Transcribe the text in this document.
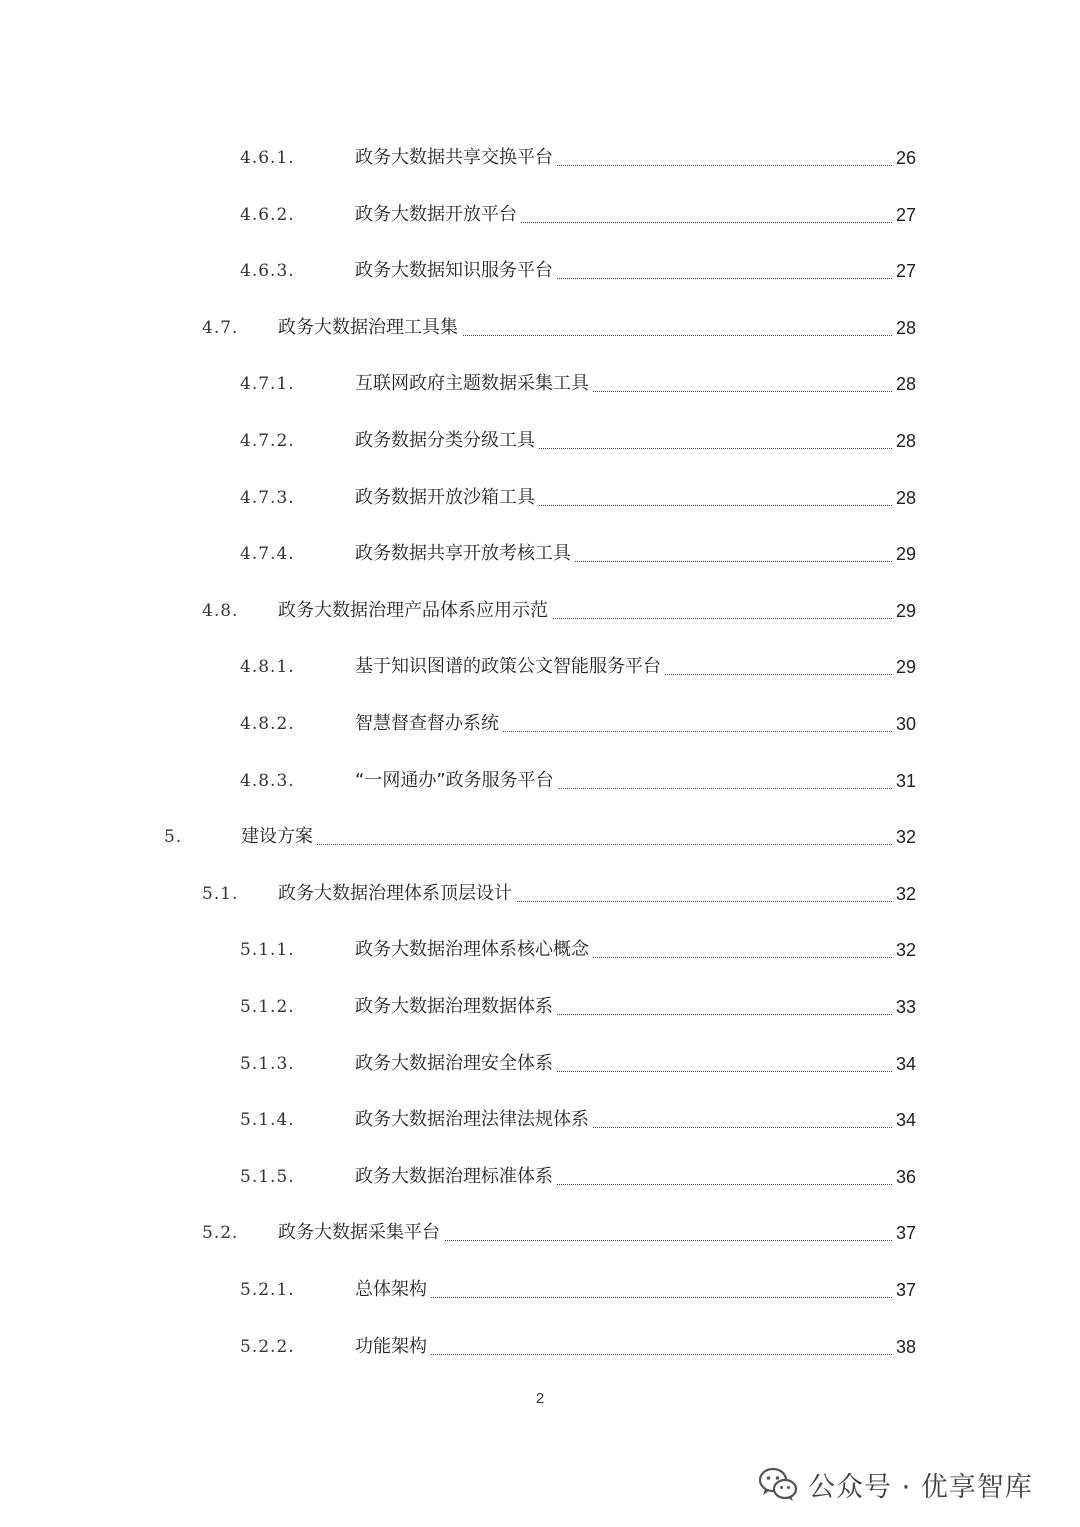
4.6.1.	政务大数据共享交换平台	26
4.6.2.	政务大数据开放平台	27
4.6.3.	政务大数据知识服务平台	27
4.7. 政务大数据治理工具集	28
4.7.1.	互联网政府主题数据采集工具	28
4.7.2.	政务数据分类分级工具	28
4.7.3.	政务数据开放沙箱工具	28
4.7.4.	政务数据共享开放考核工具	29
4.8. 政务大数据治理产品体系应用示范	29
4.8.1.	基于知识图谱的政策公文智能服务平台	29
4.8.2.	智慧督查督办系统	30
4.8.3.	“一网通办”政务服务平台	31
5.	建设方案	32
5.1. 政务大数据治理体系顶层设计	32
5.1.1.	政务大数据治理体系核心概念	32
5.1.2.	政务大数据治理数据体系	33
5.1.3.	政务大数据治理安全体系	34
5.1.4.	政务大数据治理法律法规体系	34
5.1.5.	政务大数据治理标准体系	36
5.2. 政务大数据采集平台	37
5.2.1.	总体架构	37
5.2.2.	功能架构	38
2
公众号 · 优享智库
